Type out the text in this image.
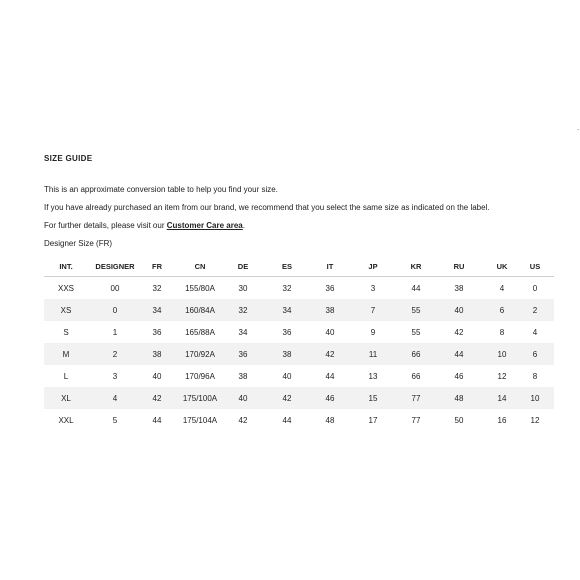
˙
SIZE GUIDE

This is an approximate conversion table to help you find your size.

If you have already purchased an item from our brand, we recommend that you select the same size as indicated on the label.

For further details, please visit our Customer Care area.

Designer Size (FR)
INT.	DESIGNER	FR	CN	DE	ES	IT	JP	KR	RU	UK	US
XXS	00	32	155/80A	30	32	36	3	44	38	4	0
XS	0	34	160/84A	32	34	38	7	55	40	6	2
S	1	36	165/88A	34	36	40	9	55	42	8	4
M	2	38	170/92A	36	38	42	11	66	44	10	6
L	3	40	170/96A	38	40	44	13	66	46	12	8
XL	4	42	175/100A	40	42	46	15	77	48	14	10
XXL	5	44	175/104A	42	44	48	17	77	50	16	12
